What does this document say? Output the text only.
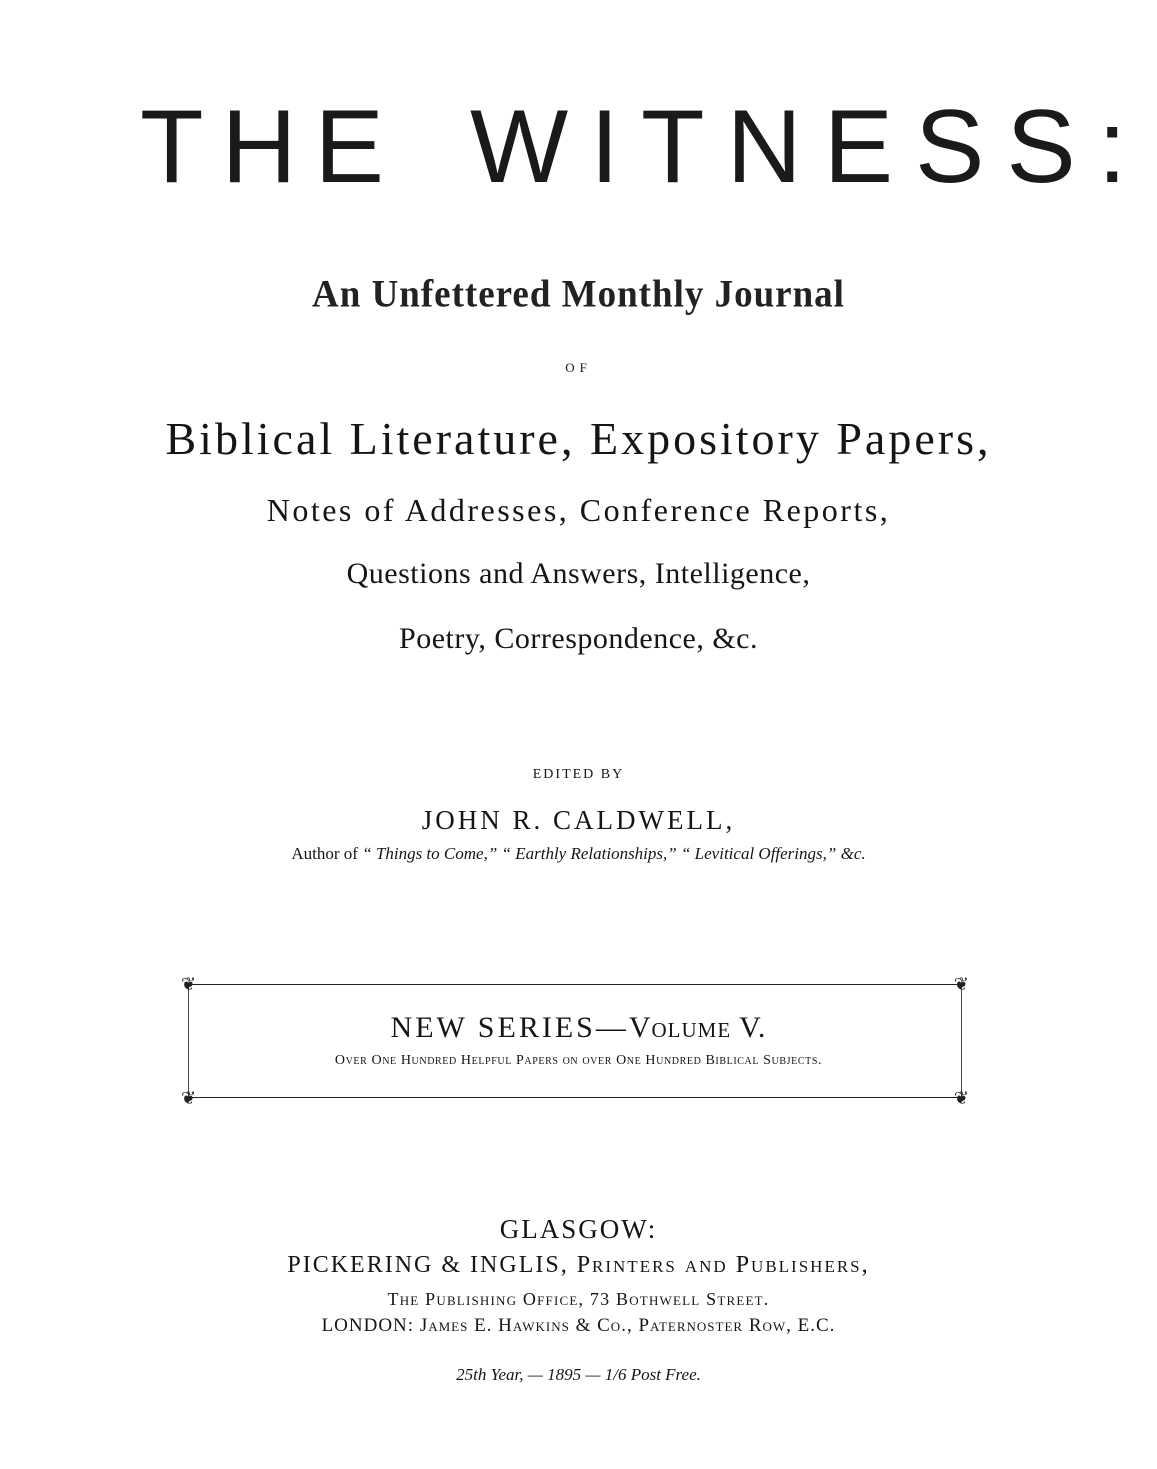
THE WITNESS:
An Unfettered Monthly Journal
OF
Biblical Literature, Expository Papers,
Notes of Addresses, Conference Reports,
Questions and Answers, Intelligence,
Poetry, Correspondence, &c.
EDITED BY
JOHN R. CALDWELL,
Author of “ Things to Come,” “ Earthly Relationships,” “ Levitical Offerings,” &c.
❦	❦
❦	❦
NEW SERIES—Volume V.
Over One Hundred Helpful Papers on over One Hundred Biblical Subjects.
GLASGOW:
PICKERING & INGLIS, Printers and Publishers,
The Publishing Office, 73 Bothwell Street.
LONDON: James E. Hawkins & Co., Paternoster Row, E.C.
25th Year, — 1895 — 1/6 Post Free.
